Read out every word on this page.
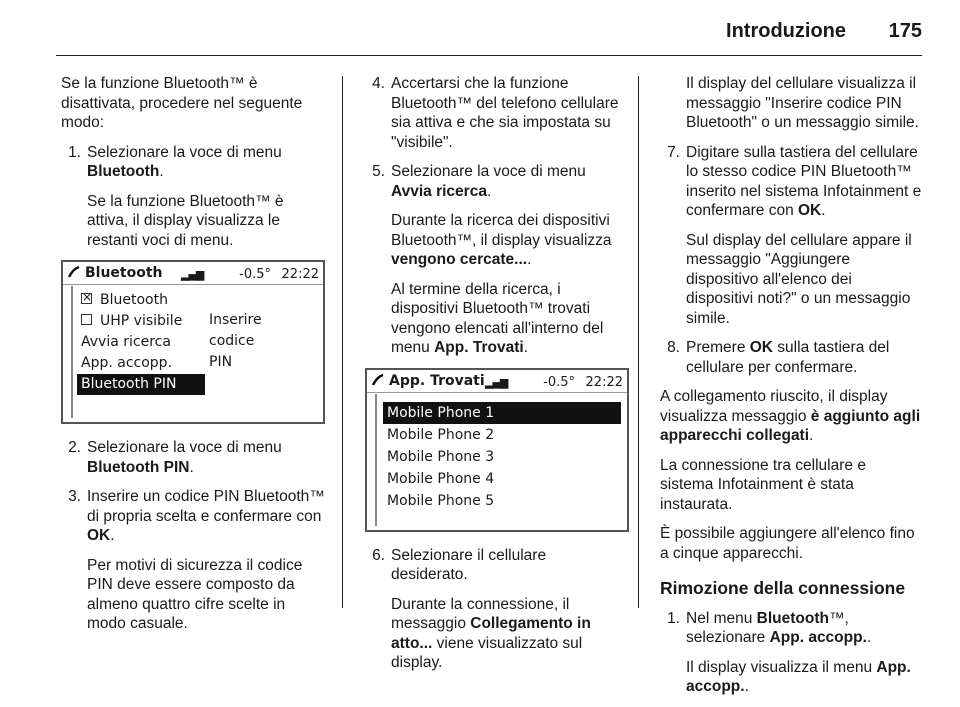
Introduzione 175

Se la funzione Bluetooth™ è disattivata, procedere nel seguente modo:

1. Selezionare la voce di menu Bluetooth.

Se la funzione Bluetooth™ è attiva, il display visualizza le restanti voci di menu.

Bluetooth ▂▄▆	-0.5° 22:22
×Bluetooth
UHP visibile
Avvia ricerca
App. accopp.
Bluetooth PIN
Inserire
codice
PIN
2. Selezionare la voce di menu Bluetooth PIN.

3. Inserire un codice PIN Bluetooth™ di propria scelta e confermare con OK.

Per motivi di sicurezza il codice PIN deve essere composto da almeno quattro cifre scelte in modo casuale.

4. Accertarsi che la funzione Bluetooth™ del telefono cellulare sia attiva e che sia impostata su "visibile".

5. Selezionare la voce di menu Avvia ricerca.

Durante la ricerca dei dispositivi Bluetooth™, il display visualizza vengono cercate....

Al termine della ricerca, i dispositivi Bluetooth™ trovati vengono elencati all'interno del menu App. Trovati.

App. Trovati ▂▄▆	-0.5° 22:22
Mobile Phone 1
Mobile Phone 2
Mobile Phone 3
Mobile Phone 4
Mobile Phone 5
6. Selezionare il cellulare desiderato.

Durante la connessione, il messaggio Collegamento in atto... viene visualizzato sul display.

Il display del cellulare visualizza il messaggio "Inserire codice PIN Bluetooth" o un messaggio simile.

7. Digitare sulla tastiera del cellulare lo stesso codice PIN Bluetooth™ inserito nel sistema Infotainment e confermare con OK.

Sul display del cellulare appare il messaggio "Aggiungere dispositivo all'elenco dei dispositivi noti?" o un messaggio simile.

8. Premere OK sulla tastiera del cellulare per confermare.

A collegamento riuscito, il display visualizza messaggio è aggiunto agli apparecchi collegati.

La connessione tra cellulare e sistema Infotainment è stata instaurata.

È possibile aggiungere all'elenco fino a cinque apparecchi.

Rimozione della connessione
1. Nel menu Bluetooth™, selezionare App. accopp..

Il display visualizza il menu App. accopp..
